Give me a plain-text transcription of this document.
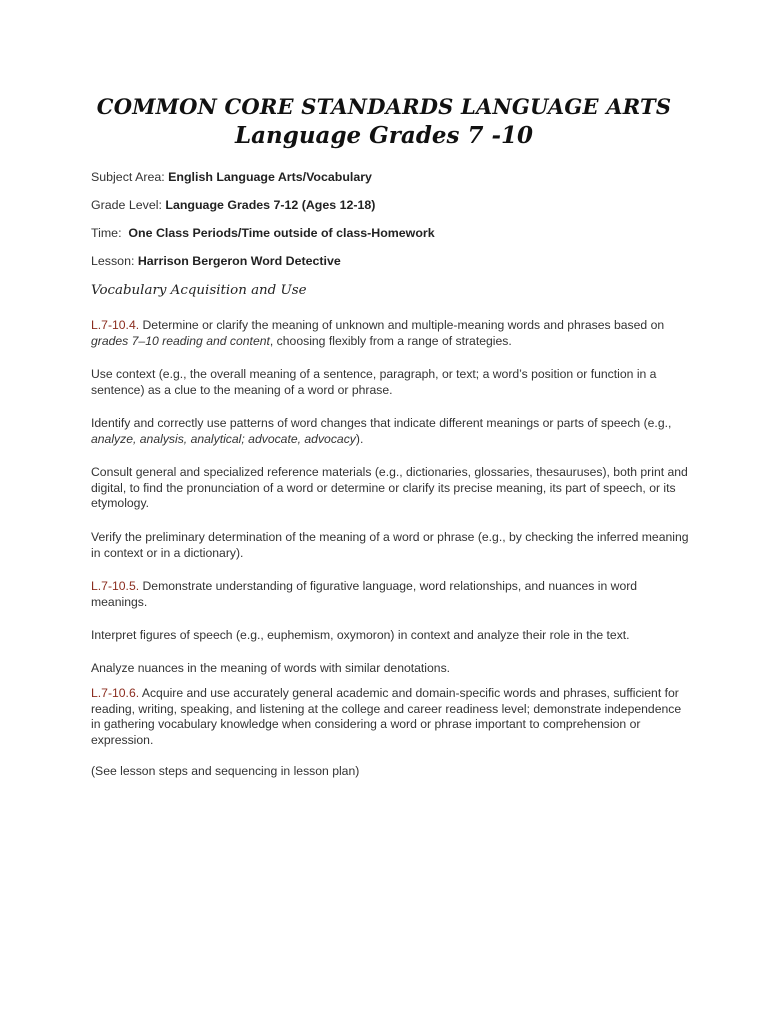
COMMON CORE STANDARDS LANGUAGE ARTS
Language Grades 7 -10
Subject Area: English Language Arts/Vocabulary
Grade Level: Language Grades 7-12 (Ages 12-18)
Time:  One Class Periods/Time outside of class-Homework
Lesson: Harrison Bergeron Word Detective
Vocabulary Acquisition and Use

L.7-10.4. Determine or clarify the meaning of unknown and multiple-meaning words and phrases based on grades 7–10 reading and content, choosing flexibly from a range of strategies.

Use context (e.g., the overall meaning of a sentence, paragraph, or text; a word’s position or function in a sentence) as a clue to the meaning of a word or phrase.

Identify and correctly use patterns of word changes that indicate different meanings or parts of speech (e.g., analyze, analysis, analytical; advocate, advocacy).

Consult general and specialized reference materials (e.g., dictionaries, glossaries, thesauruses), both print and digital, to find the pronunciation of a word or determine or clarify its precise meaning, its part of speech, or its etymology.

Verify the preliminary determination of the meaning of a word or phrase (e.g., by checking the inferred meaning in context or in a dictionary).

L.7-10.5. Demonstrate understanding of figurative language, word relationships, and nuances in word meanings.

Interpret figures of speech (e.g., euphemism, oxymoron) in context and analyze their role in the text.

Analyze nuances in the meaning of words with similar denotations.

L.7-10.6. Acquire and use accurately general academic and domain-specific words and phrases, sufficient for reading, writing, speaking, and listening at the college and career readiness level; demonstrate independence in gathering vocabulary knowledge when considering a word or phrase important to comprehension or expression.

(See lesson steps and sequencing in lesson plan)
